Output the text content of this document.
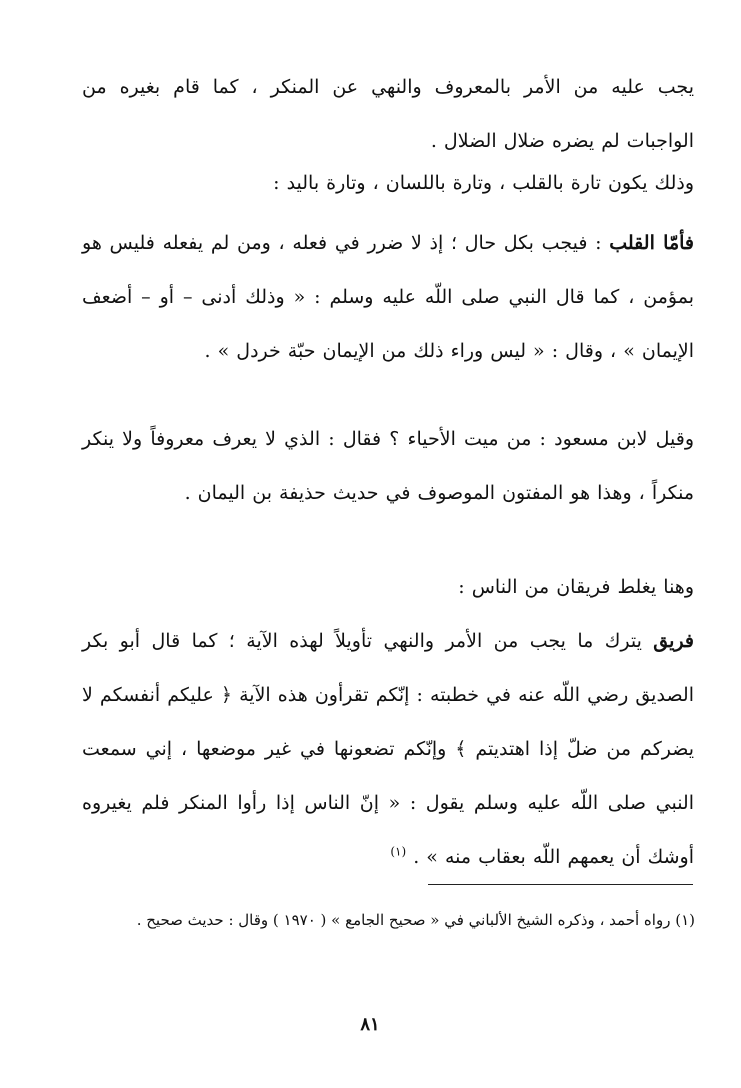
يجب عليه من الأمر بالمعروف والنهي عن المنكر ، كما قام بغيره من الواجبات لم يضره ضلال الضلال .
وذلك يكون تارة بالقلب ، وتارة باللسان ، وتارة باليد :
فأمّا القلب : فيجب بكل حال ؛ إذ لا ضرر في فعله ، ومن لم يفعله فليس هو بمؤمن ، كما قال النبي صلى اللّه عليه وسلم : « وذلك أدنى – أو – أضعف الإيمان » ، وقال : « ليس وراء ذلك من الإيمان حبّة خردل » .
وقيل لابن مسعود : من ميت الأحياء ؟ فقال : الذي لا يعرف معروفاً ولا ينكر منكراً ، وهذا هو المفتون الموصوف في حديث حذيفة بن اليمان .
وهنا يغلط فريقان من الناس :
فريق يترك ما يجب من الأمر والنهي تأويلاً لهذه الآية ؛ كما قال أبو بكر الصديق رضي اللّه عنه في خطبته : إنّكم تقرأون هذه الآية ﴿ عليكم أنفسكم لا يضركم من ضلّ إذا اهتديتم ﴾ وإنّكم تضعونها في غير موضعها ، إني سمعت النبي صلى اللّه عليه وسلم يقول : « إنّ الناس إذا رأوا المنكر فلم يغيروه أوشك أن يعمهم اللّه بعقاب منه » . $^{(١)}$
(١) رواه أحمد ، وذكره الشيخ الألباني في « صحيح الجامع » ( ١٩٧٠ ) وقال : حديث صحيح .
٨١
